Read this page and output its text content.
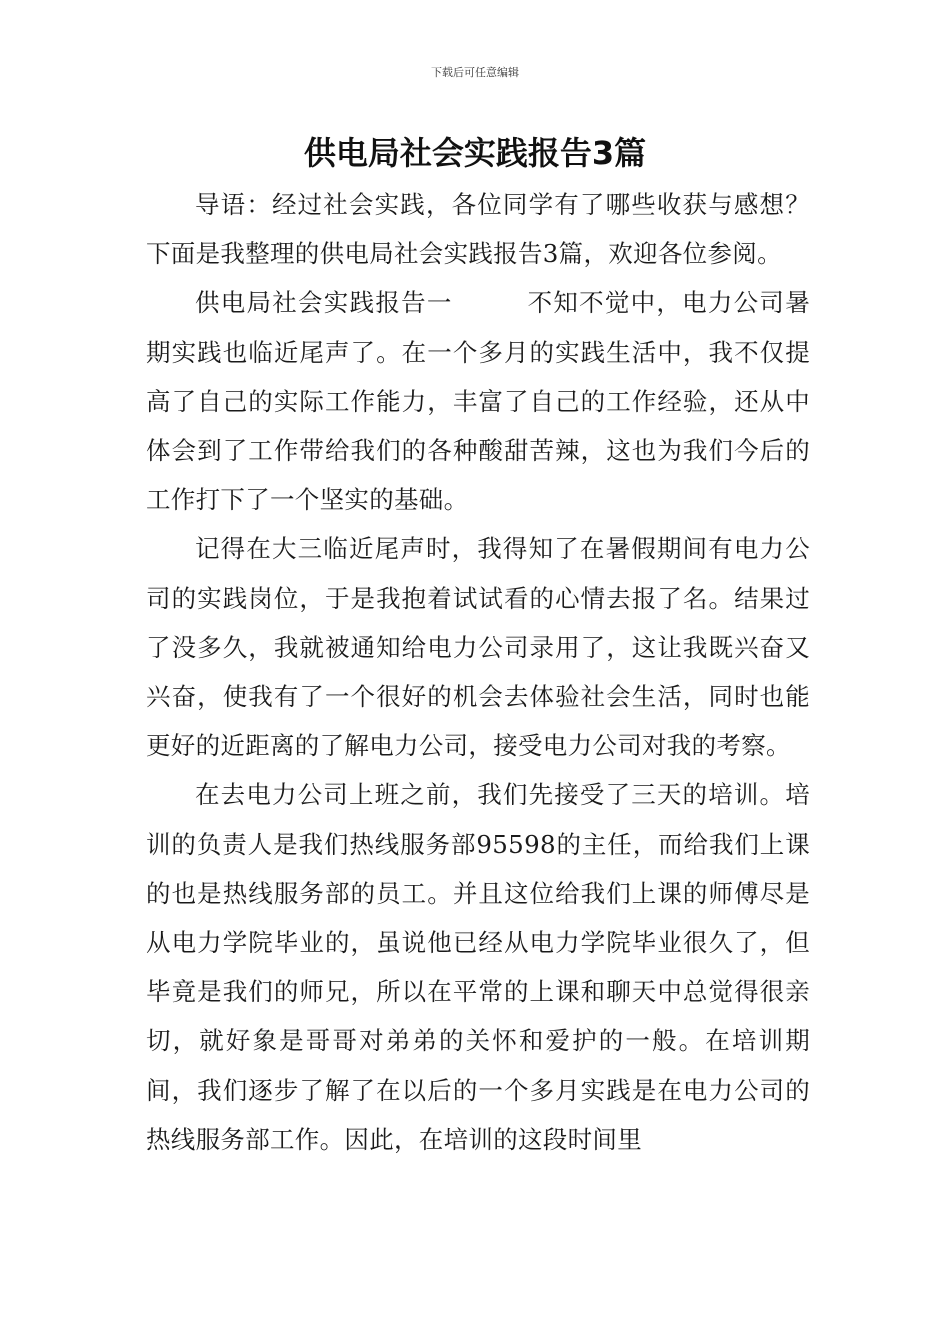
下载后可任意编辑
供电局社会实践报告3篇

导语：经过社会实践，各位同学有了哪些收获与感想？下面是我整理的供电局社会实践报告3篇，欢迎各位参阅。

供电局社会实践报告一	不知不觉中，电力公司暑期实践也临近尾声了。在一个多月的实践生活中，我不仅提高了自己的实际工作能力，丰富了自己的工作经验，还从中体会到了工作带给我们的各种酸甜苦辣，这也为我们今后的工作打下了一个坚实的基础。

记得在大三临近尾声时，我得知了在暑假期间有电力公司的实践岗位，于是我抱着试试看的心情去报了名。结果过了没多久，我就被通知给电力公司录用了，这让我既兴奋又兴奋，使我有了一个很好的机会去体验社会生活，同时也能更好的近距离的了解电力公司，接受电力公司对我的考察。

在去电力公司上班之前，我们先接受了三天的培训。培训的负责人是我们热线服务部95598的主任，而给我们上课的也是热线服务部的员工。并且这位给我们上课的师傅尽是从电力学院毕业的，虽说他已经从电力学院毕业很久了，但毕竟是我们的师兄，所以在平常的上课和聊天中总觉得很亲切，就好象是哥哥对弟弟的关怀和爱护的一般。在培训期间，我们逐步了解了在以后的一个多月实践是在电力公司的热线服务部工作。因此，在培训的这段时间里
